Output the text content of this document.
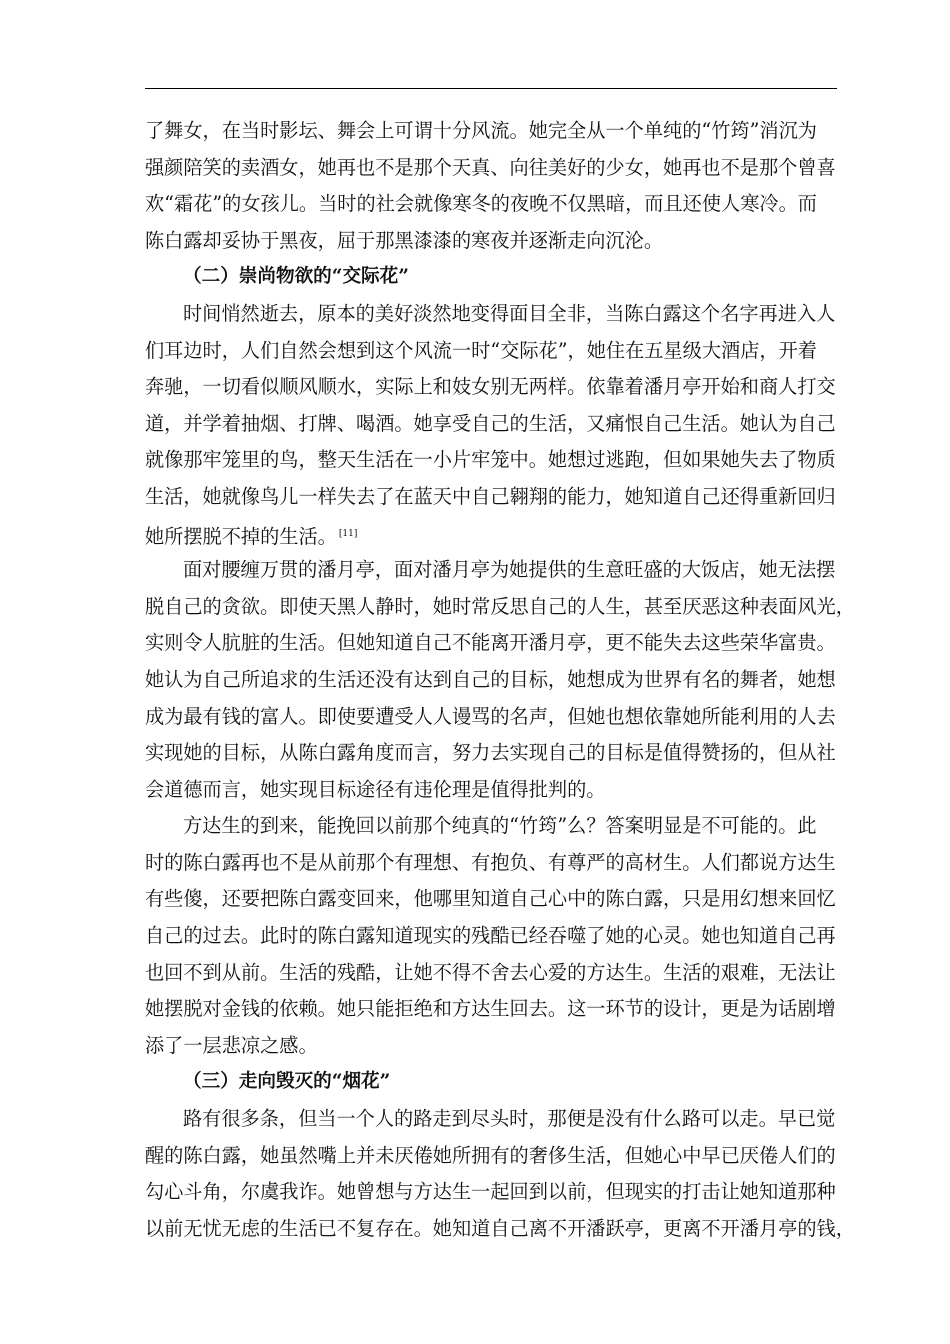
了舞女，在当时影坛、舞会上可谓十分风流。她完全从一个单纯的“竹筠”消沉为
强颜陪笑的卖酒女，她再也不是那个天真、向往美好的少女，她再也不是那个曾喜
欢“霜花”的女孩儿。当时的社会就像寒冬的夜晚不仅黑暗，而且还使人寒冷。而
陈白露却妥协于黑夜，屈于那黑漆漆的寒夜并逐渐走向沉沦。
（二）崇尚物欲的“交际花”
时间悄然逝去，原本的美好淡然地变得面目全非，当陈白露这个名字再进入人
们耳边时，人们自然会想到这个风流一时“交际花”，她住在五星级大酒店，开着
奔驰，一切看似顺风顺水，实际上和妓女别无两样。依靠着潘月亭开始和商人打交
道，并学着抽烟、打牌、喝酒。她享受自己的生活，又痛恨自己生活。她认为自己
就像那牢笼里的鸟，整天生活在一小片牢笼中。她想过逃跑，但如果她失去了物质
生活，她就像鸟儿一样失去了在蓝天中自己翱翔的能力，她知道自己还得重新回归
她所摆脱不掉的生活。 [11]
面对腰缠万贯的潘月亭，面对潘月亭为她提供的生意旺盛的大饭店，她无法摆
脱自己的贪欲。即使天黑人静时，她时常反思自己的人生，甚至厌恶这种表面风光，
实则令人肮脏的生活。但她知道自己不能离开潘月亭，更不能失去这些荣华富贵。
她认为自己所追求的生活还没有达到自己的目标，她想成为世界有名的舞者，她想
成为最有钱的富人。即使要遭受人人谩骂的名声，但她也想依靠她所能利用的人去
实现她的目标，从陈白露角度而言，努力去实现自己的目标是值得赞扬的，但从社
会道德而言，她实现目标途径有违伦理是值得批判的。
方达生的到来，能挽回以前那个纯真的“竹筠”么？答案明显是不可能的。此
时的陈白露再也不是从前那个有理想、有抱负、有尊严的高材生。人们都说方达生
有些傻，还要把陈白露变回来，他哪里知道自己心中的陈白露，只是用幻想来回忆
自己的过去。此时的陈白露知道现实的残酷已经吞噬了她的心灵。她也知道自己再
也回不到从前。生活的残酷，让她不得不舍去心爱的方达生。生活的艰难，无法让
她摆脱对金钱的依赖。她只能拒绝和方达生回去。这一环节的设计，更是为话剧增
添了一层悲凉之感。
（三）走向毁灭的“烟花”
路有很多条，但当一个人的路走到尽头时，那便是没有什么路可以走。早已觉
醒的陈白露，她虽然嘴上并未厌倦她所拥有的奢侈生活，但她心中早已厌倦人们的
勾心斗角，尔虞我诈。她曾想与方达生一起回到以前，但现实的打击让她知道那种
以前无忧无虑的生活已不复存在。她知道自己离不开潘跃亭，更离不开潘月亭的钱，
